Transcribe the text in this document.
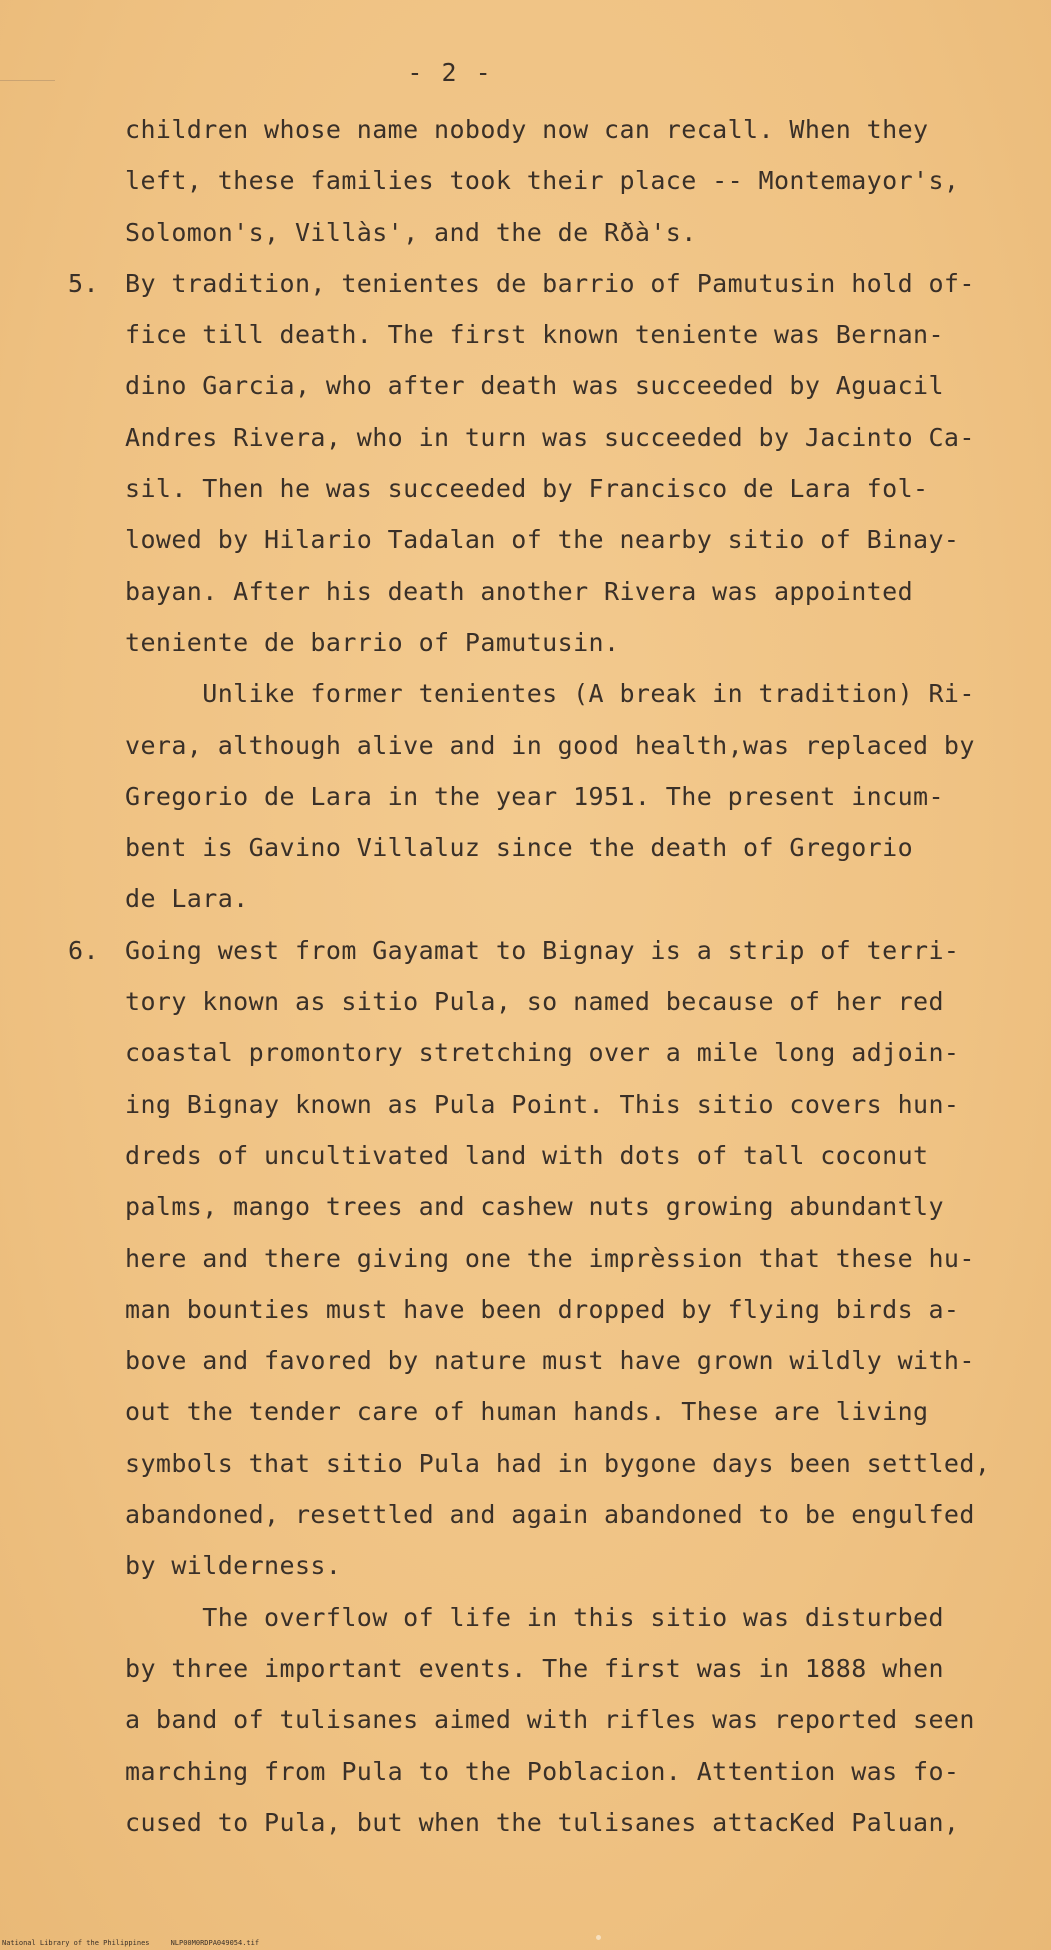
- 2 -
children whose name nobody now can recall. When they
left, these families took their place -- Montemayor's,
Solomon's, Villàs', and the de Rðà's.
5. By tradition, tenientes de barrio of Pamutusin hold of-
fice till death. The first known teniente was Bernan-
dino Garcia, who after death was succeeded by Aguacil
Andres Rivera, who in turn was succeeded by Jacinto Ca-
sil. Then he was succeeded by Francisco de Lara fol-
lowed by Hilario Tadalan of the nearby sitio of Binay-
bayan. After his death another Rivera was appointed
teniente de barrio of Pamutusin.
Unlike former tenientes (A break in tradition) Ri-
vera, although alive and in good health,was replaced by
Gregorio de Lara in the year 1951. The present incum-
bent is Gavino Villaluz since the death of Gregorio
de Lara.
6. Going west from Gayamat to Bignay is a strip of terri-
tory known as sitio Pula, so named because of her red
coastal promontory stretching over a mile long adjoin-
ing Bignay known as Pula Point. This sitio covers hun-
dreds of uncultivated land with dots of tall coconut
palms, mango trees and cashew nuts growing abundantly
here and there giving one the imprèssion that these hu-
man bounties must have been dropped by flying birds a-
bove and favored by nature must have grown wildly with-
out the tender care of human hands. These are living
symbols that sitio Pula had in bygone days been settled,
abandoned, resettled and again abandoned to be engulfed
by wilderness.
The overflow of life in this sitio was disturbed
by three important events. The first was in 1888 when
a band of tulisanes aimed with rifles was reported seen
marching from Pula to the Poblacion. Attention was fo-
cused to Pula, but when the tulisanes attacKed Paluan,
National Library of the Philippines     NLP00M0RDPA049054.tif
